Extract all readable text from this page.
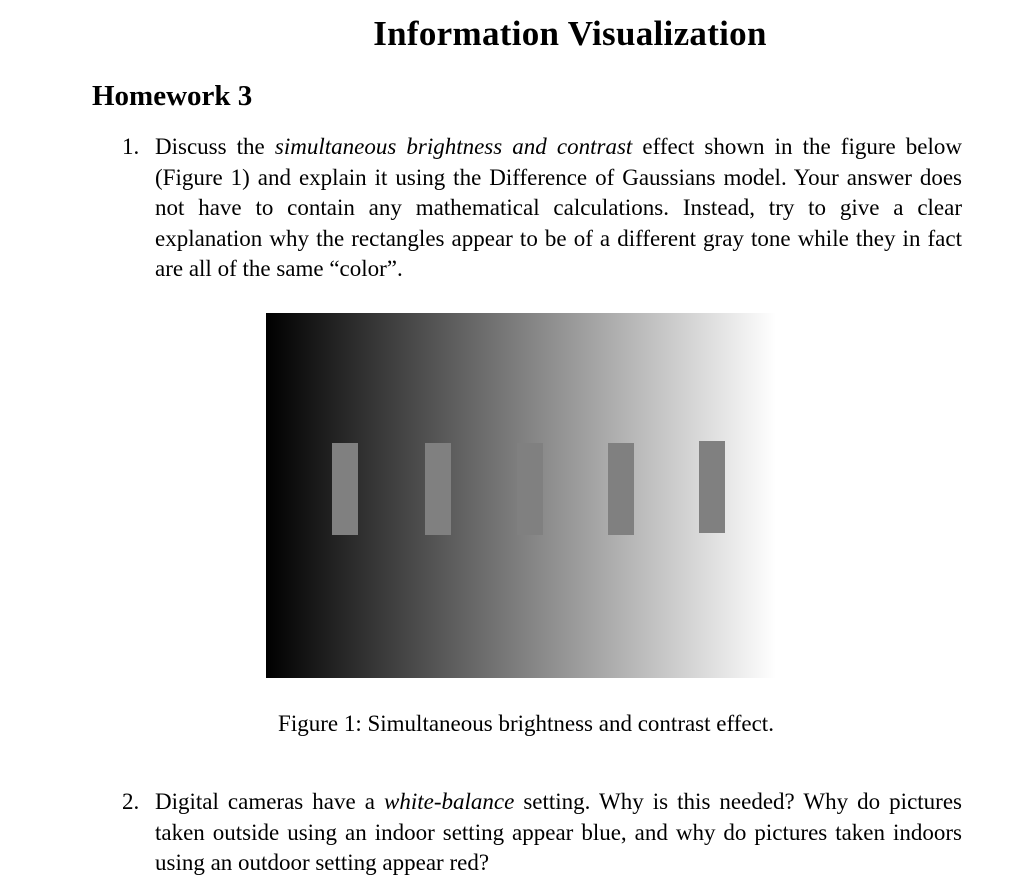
Information Visualization
Homework 3
1. Discuss the simultaneous brightness and contrast effect shown in the figure below (Figure 1) and explain it using the Difference of Gaussians model. Your answer does not have to contain any mathematical calculations. Instead, try to give a clear explanation why the rectangles appear to be of a different gray tone while they in fact are all of the same “color”.
Figure 1: Simultaneous brightness and contrast effect.
2. Digital cameras have a white-balance setting. Why is this needed? Why do pictures taken outside using an indoor setting appear blue, and why do pictures taken indoors using an outdoor setting appear red?
